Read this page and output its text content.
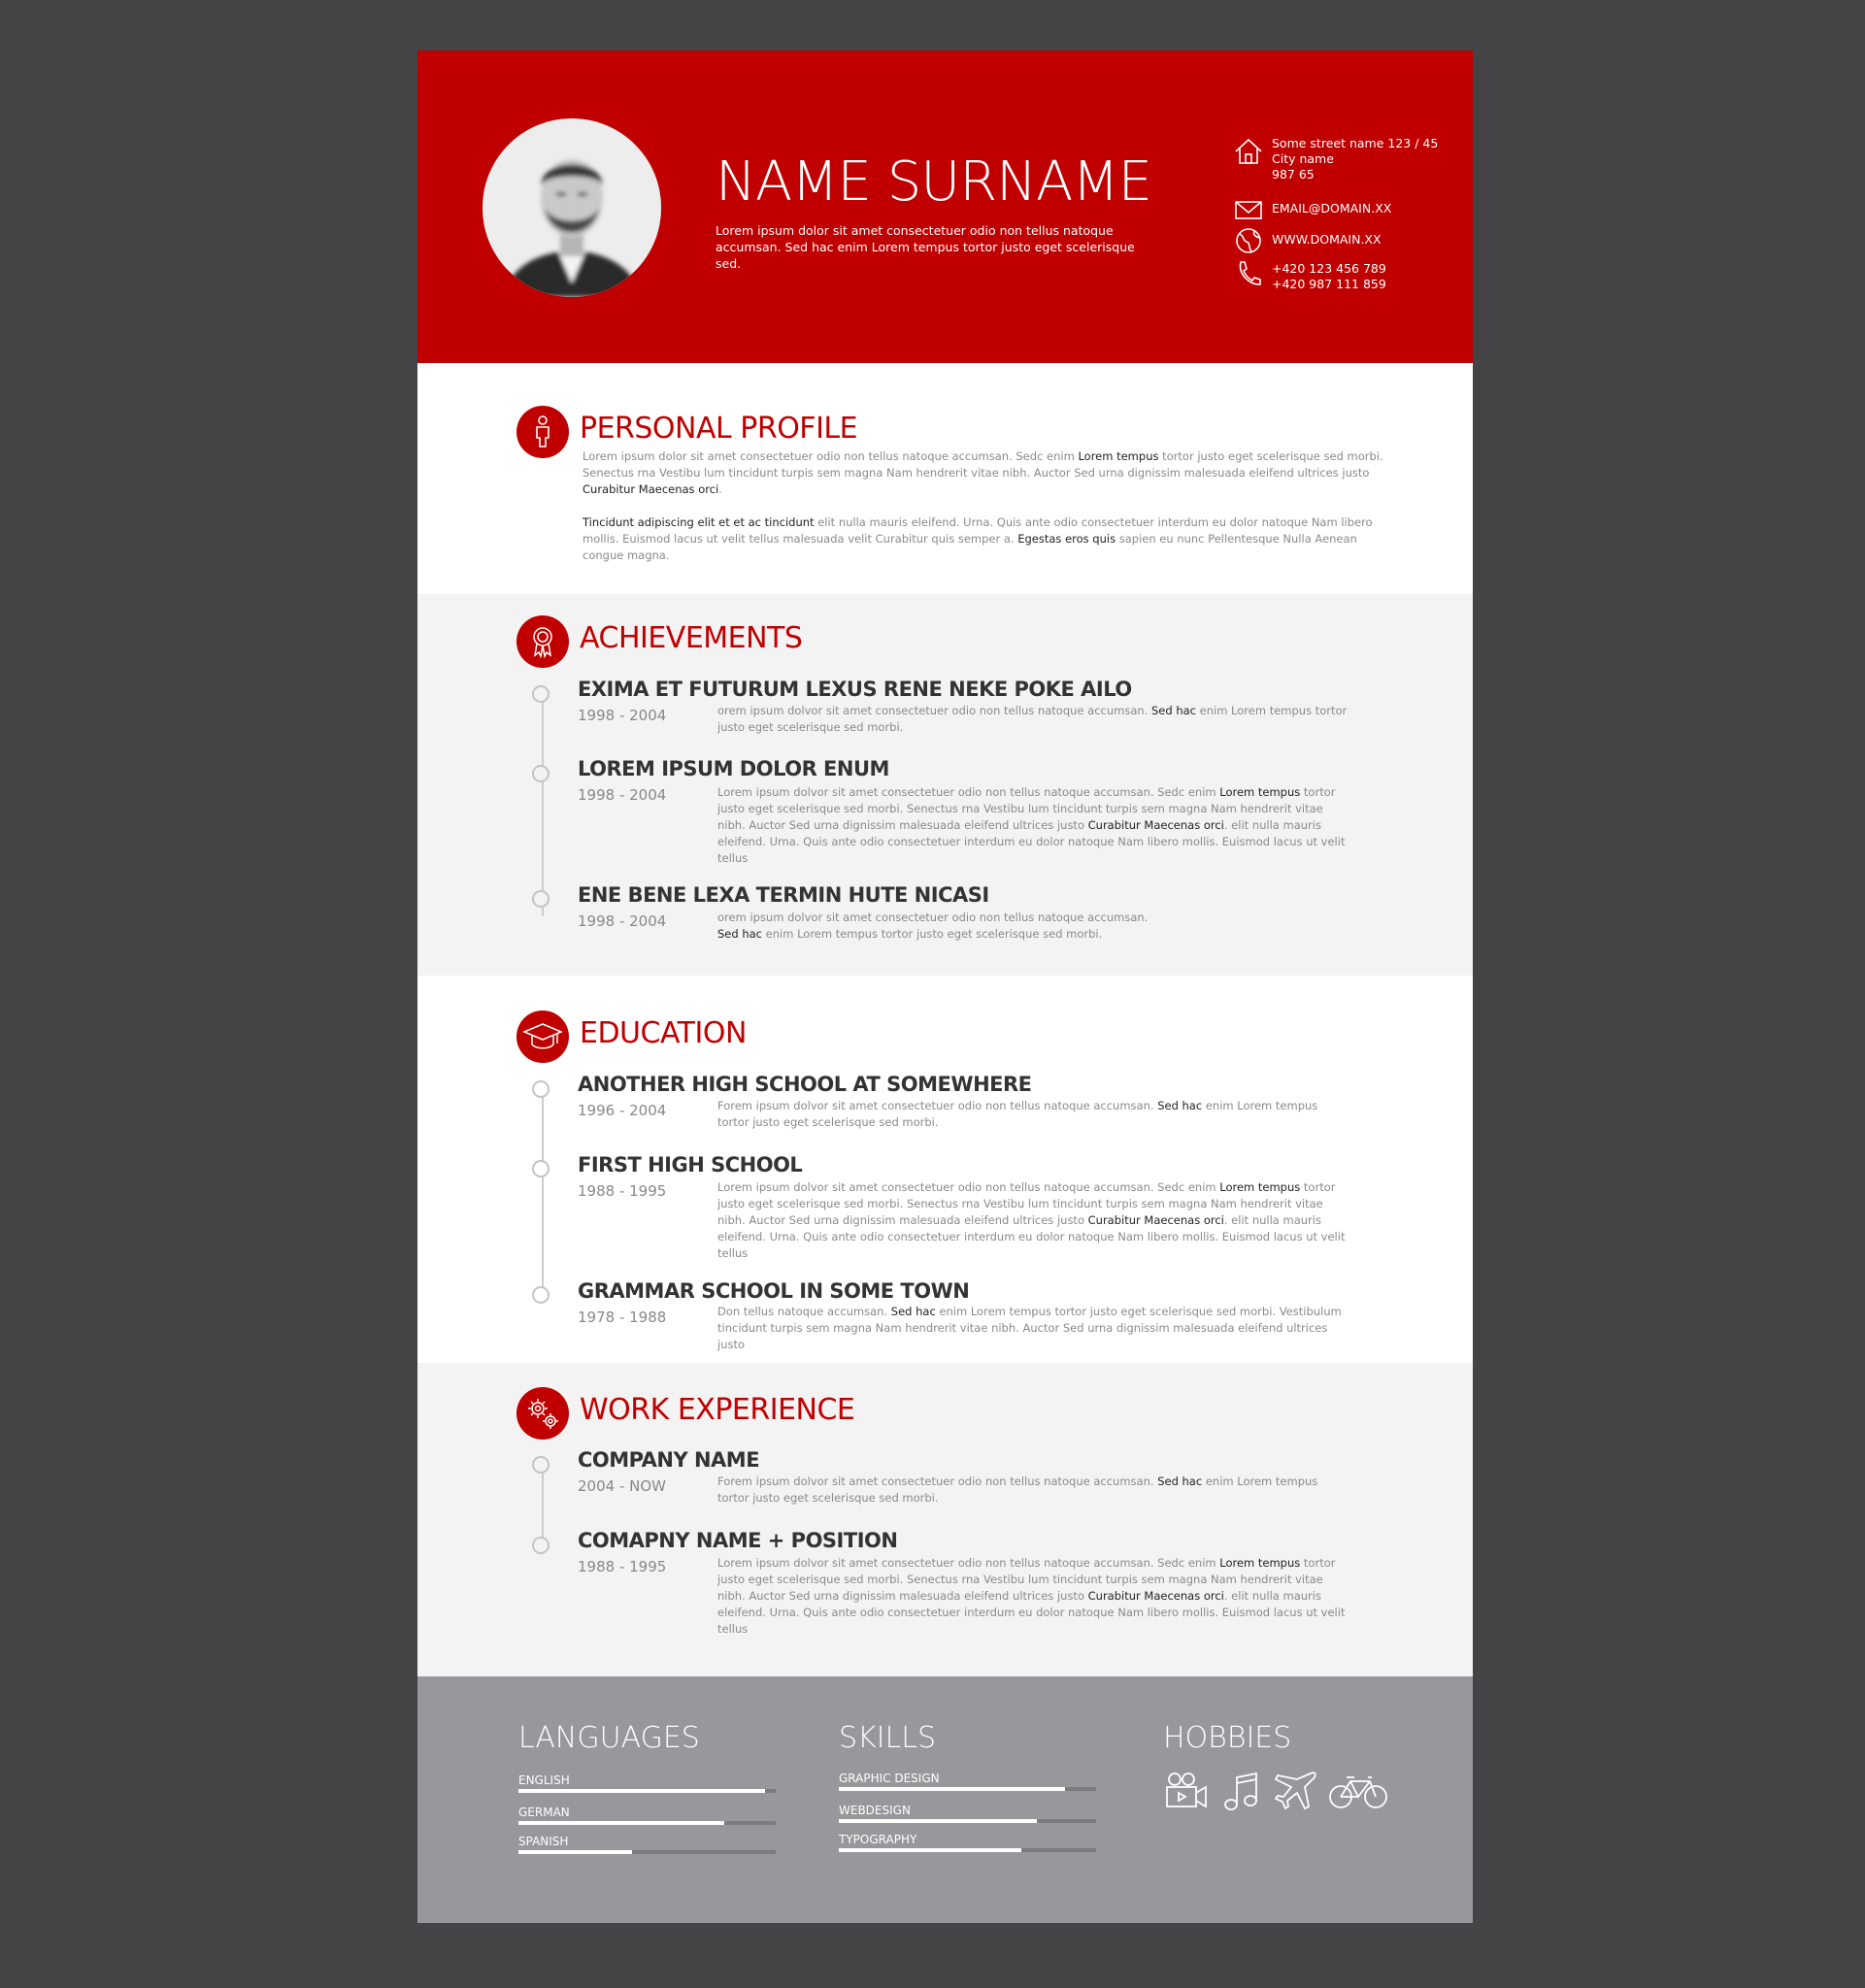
NAME SURNAME
Lorem ipsum dolor sit amet consectetuer odio non tellus natoque accumsan. Sed hac enim Lorem tempus tortor justo eget scelerisque sed.
Some street name 123 / 45
City name
987 65
EMAIL@DOMAIN.XX
WWW.DOMAIN.XX
+420 123 456 789
+420 987 111 859
PERSONAL PROFILE
Lorem ipsum dolor sit amet consectetuer odio non tellus natoque accumsan. Sedc enim Lorem tempus tortor justo eget scelerisque sed morbi. Senectus rna Vestibu lum tincidunt turpis sem magna Nam hendrerit vitae nibh. Auctor Sed urna dignissim malesuada eleifend ultrices justo Curabitur Maecenas orci.
Tincidunt adipiscing elit et et ac tincidunt elit nulla mauris eleifend. Urna. Quis ante odio consectetuer interdum eu dolor natoque Nam libero mollis. Euismod lacus ut velit tellus malesuada velit Curabitur quis semper a. Egestas eros quis sapien eu nunc Pellentesque Nulla Aenean congue magna.
ACHIEVEMENTS
EXIMA ET FUTURUM LEXUS RENE NEKE POKE AILO
1998 - 2004	orem ipsum dolvor sit amet consectetuer odio non tellus natoque accumsan. Sed hac enim Lorem tempus tortor justo eget scelerisque sed morbi.
LOREM IPSUM DOLOR ENUM
1998 - 2004	Lorem ipsum dolvor sit amet consectetuer odio non tellus natoque accumsan. Sedc enim Lorem tempus tortor justo eget scelerisque sed morbi. Senectus rna Vestibu lum tincidunt turpis sem magna Nam hendrerit vitae nibh. Auctor Sed urna dignissim malesuada eleifend ultrices justo Curabitur Maecenas orci. elit nulla mauris eleifend. Urna. Quis ante odio consectetuer interdum eu dolor natoque Nam libero mollis. Euismod lacus ut velit tellus
ENE BENE LEXA TERMIN HUTE NICASI
1998 - 2004	orem ipsum dolvor sit amet consectetuer odio non tellus natoque accumsan. Sed hac enim Lorem tempus tortor justo eget scelerisque sed morbi.
EDUCATION
ANOTHER HIGH SCHOOL AT SOMEWHERE
1996 - 2004	Forem ipsum dolvor sit amet consectetuer odio non tellus natoque accumsan. Sed hac enim Lorem tempus tortor justo eget scelerisque sed morbi.
FIRST HIGH SCHOOL
1988 - 1995	Lorem ipsum dolvor sit amet consectetuer odio non tellus natoque accumsan. Sedc enim Lorem tempus tortor justo eget scelerisque sed morbi. Senectus rna Vestibu lum tincidunt turpis sem magna Nam hendrerit vitae nibh. Auctor Sed urna dignissim malesuada eleifend ultrices justo Curabitur Maecenas orci. elit nulla mauris eleifend. Urna. Quis ante odio consectetuer interdum eu dolor natoque Nam libero mollis. Euismod lacus ut velit tellus
GRAMMAR SCHOOL IN SOME TOWN
1978 - 1988	Don tellus natoque accumsan. Sed hac enim Lorem tempus tortor justo eget scelerisque sed morbi. Vestibulum tincidunt turpis sem magna Nam hendrerit vitae nibh. Auctor Sed urna dignissim malesuada eleifend ultrices justo
WORK EXPERIENCE
COMPANY NAME
2004 - NOW	Forem ipsum dolvor sit amet consectetuer odio non tellus natoque accumsan. Sed hac enim Lorem tempus tortor justo eget scelerisque sed morbi.
COMAPNY NAME + POSITION
1988 - 1995	Lorem ipsum dolvor sit amet consectetuer odio non tellus natoque accumsan. Sedc enim Lorem tempus tortor justo eget scelerisque sed morbi. Senectus rna Vestibu lum tincidunt turpis sem magna Nam hendrerit vitae nibh. Auctor Sed urna dignissim malesuada eleifend ultrices justo Curabitur Maecenas orci. elit nulla mauris eleifend. Urna. Quis ante odio consectetuer interdum eu dolor natoque Nam libero mollis. Euismod lacus ut velit tellus
LANGUAGES
ENGLISH
GERMAN
SPANISH
SKILLS
GRAPHIC DESIGN
WEBDESIGN
TYPOGRAPHY
HOBBIES
